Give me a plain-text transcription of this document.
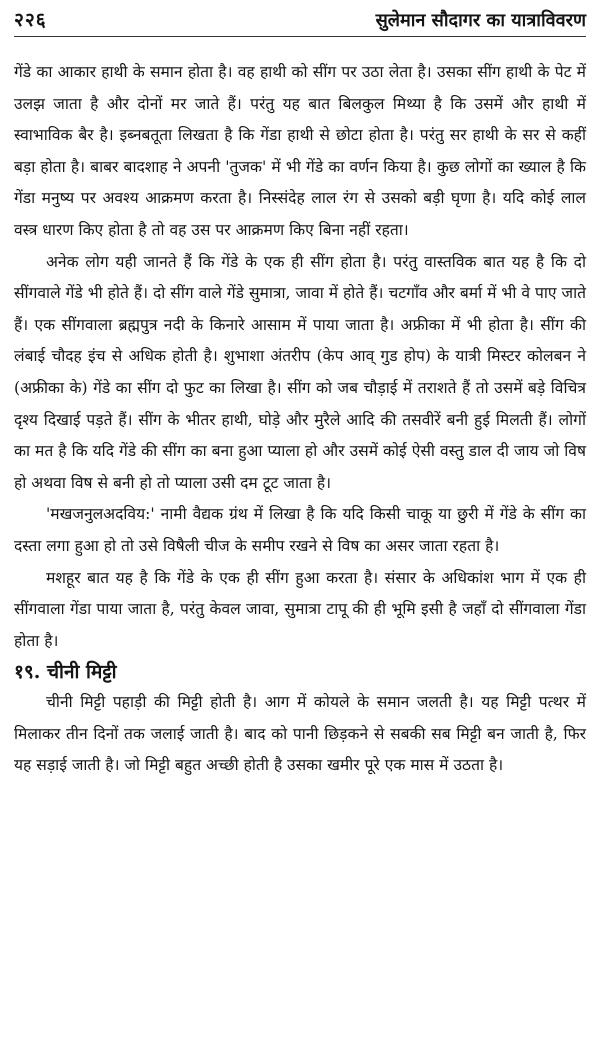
२२६	सुलेमान सौदागर का यात्राविवरण

गेंडे का आकार हाथी के समान होता है। वह हाथी को सींग पर उठा लेता है। उसका सींग हाथी के पेट में उलझ जाता है और दोनों मर जाते हैं। परंतु यह बात बिलकुल मिथ्या है कि उसमें और हाथी में स्वाभाविक बैर है। इब्नबतूता लिखता है कि गेंडा हाथी से छोटा होता है। परंतु सर हाथी के सर से कहीं बड़ा होता है। बाबर बादशाह ने अपनी 'तुजक' में भी गेंडे का वर्णन किया है। कुछ लोगों का ख्याल है कि गेंडा मनुष्य पर अवश्य आक्रमण करता है। निस्संदेह लाल रंग से उसको बड़ी घृणा है। यदि कोई लाल वस्त्र धारण किए होता है तो वह उस पर आक्रमण किए बिना नहीं रहता।

अनेक लोग यही जानते हैं कि गेंडे के एक ही सींग होता है। परंतु वास्तविक बात यह है कि दो सींगवाले गेंडे भी होते हैं। दो सींग वाले गेंडे सुमात्रा, जावा में होते हैं। चटगाँव और बर्मा में भी वे पाए जाते हैं। एक सींगवाला ब्रह्मपुत्र नदी के किनारे आसाम में पाया जाता है। अफ्रीका में भी होता है। सींग की लंबाई चौदह इंच से अधिक होती है। शुभाशा अंतरीप (केप आव् गुड होप) के यात्री मिस्टर कोलबन ने (अफ्रीका के) गेंडे का सींग दो फुट का लिखा है। सींग को जब चौड़ाई में तराशते हैं तो उसमें बड़े विचित्र दृश्य दिखाई पड़ते हैं। सींग के भीतर हाथी, घोड़े और मुरैले आदि की तसवीरें बनी हुई मिलती हैं। लोगों का मत है कि यदि गेंडे की सींग का बना हुआ प्याला हो और उसमें कोई ऐसी वस्तु डाल दी जाय जो विष हो अथवा विष से बनी हो तो प्याला उसी दम टूट जाता है।

'मखजनुलअदविय:' नामी वैद्यक ग्रंथ में लिखा है कि यदि किसी चाकू या छुरी में गेंडे के सींग का दस्ता लगा हुआ हो तो उसे विषैली चीज के समीप रखने से विष का असर जाता रहता है।

मशहूर बात यह है कि गेंडे के एक ही सींग हुआ करता है। संसार के अधिकांश भाग में एक ही सींगवाला गेंडा पाया जाता है, परंतु केवल जावा, सुमात्रा टापू की ही भूमि इसी है जहाँ दो सींगवाला गेंडा होता है।

१९. चीनी मिट्टी

चीनी मिट्टी पहाड़ी की मिट्टी होती है। आग में कोयले के समान जलती है। यह मिट्टी पत्थर में मिलाकर तीन दिनों तक जलाई जाती है। बाद को पानी छिड़कने से सबकी सब मिट्टी बन जाती है, फिर यह सड़ाई जाती है। जो मिट्टी बहुत अच्छी होती है उसका खमीर पूरे एक मास में उठता है।
